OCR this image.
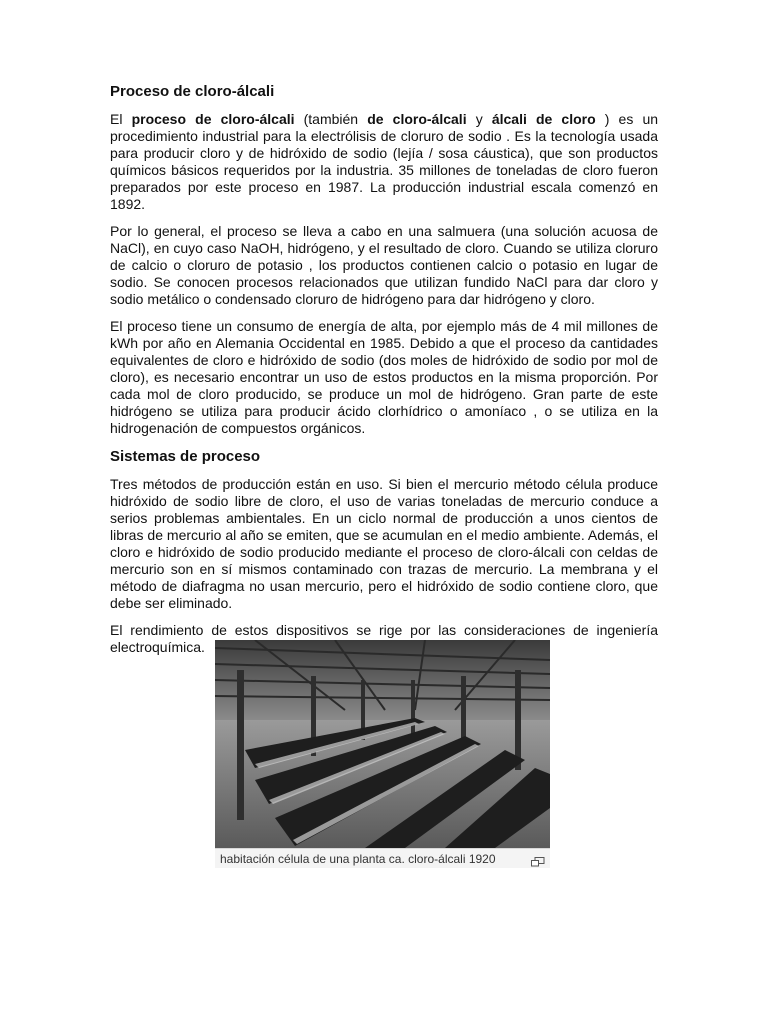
Proceso de cloro-álcali

El proceso de cloro-álcali (también de cloro-álcali y álcali de cloro ) es un procedimiento industrial para la electrólisis de cloruro de sodio . Es la tecnología usada para producir cloro y de hidróxido de sodio (lejía / sosa cáustica), que son productos químicos básicos requeridos por la industria. 35 millones de toneladas de cloro fueron preparados por este proceso en 1987. La producción industrial escala comenzó en 1892.

Por lo general, el proceso se lleva a cabo en una salmuera (una solución acuosa de NaCl), en cuyo caso NaOH, hidrógeno, y el resultado de cloro. Cuando se utiliza cloruro de calcio o cloruro de potasio , los productos contienen calcio o potasio en lugar de sodio. Se conocen procesos relacionados que utilizan fundido NaCl para dar cloro y sodio metálico o condensado cloruro de hidrógeno para dar hidrógeno y cloro.

El proceso tiene un consumo de energía de alta, por ejemplo más de 4 mil millones de kWh por año en Alemania Occidental en 1985. Debido a que el proceso da cantidades equivalentes de cloro e hidróxido de sodio (dos moles de hidróxido de sodio por mol de cloro), es necesario encontrar un uso de estos productos en la misma proporción. Por cada mol de cloro producido, se produce un mol de hidrógeno. Gran parte de este hidrógeno se utiliza para producir ácido clorhídrico o amoníaco , o se utiliza en la hidrogenación de compuestos orgánicos.

Sistemas de proceso

Tres métodos de producción están en uso. Si bien el mercurio método célula produce hidróxido de sodio libre de cloro, el uso de varias toneladas de mercurio conduce a serios problemas ambientales. En un ciclo normal de producción a unos cientos de libras de mercurio al año se emiten, que se acumulan en el medio ambiente. Además, el cloro e hidróxido de sodio producido mediante el proceso de cloro-álcali con celdas de mercurio son en sí mismos contaminado con trazas de mercurio. La membrana y el método de diafragma no usan mercurio, pero el hidróxido de sodio contiene cloro, que debe ser eliminado.

El rendimiento de estos dispositivos se rige por las consideraciones de ingeniería electroquímica.

habitación célula de una planta ca. cloro-álcali 1920
